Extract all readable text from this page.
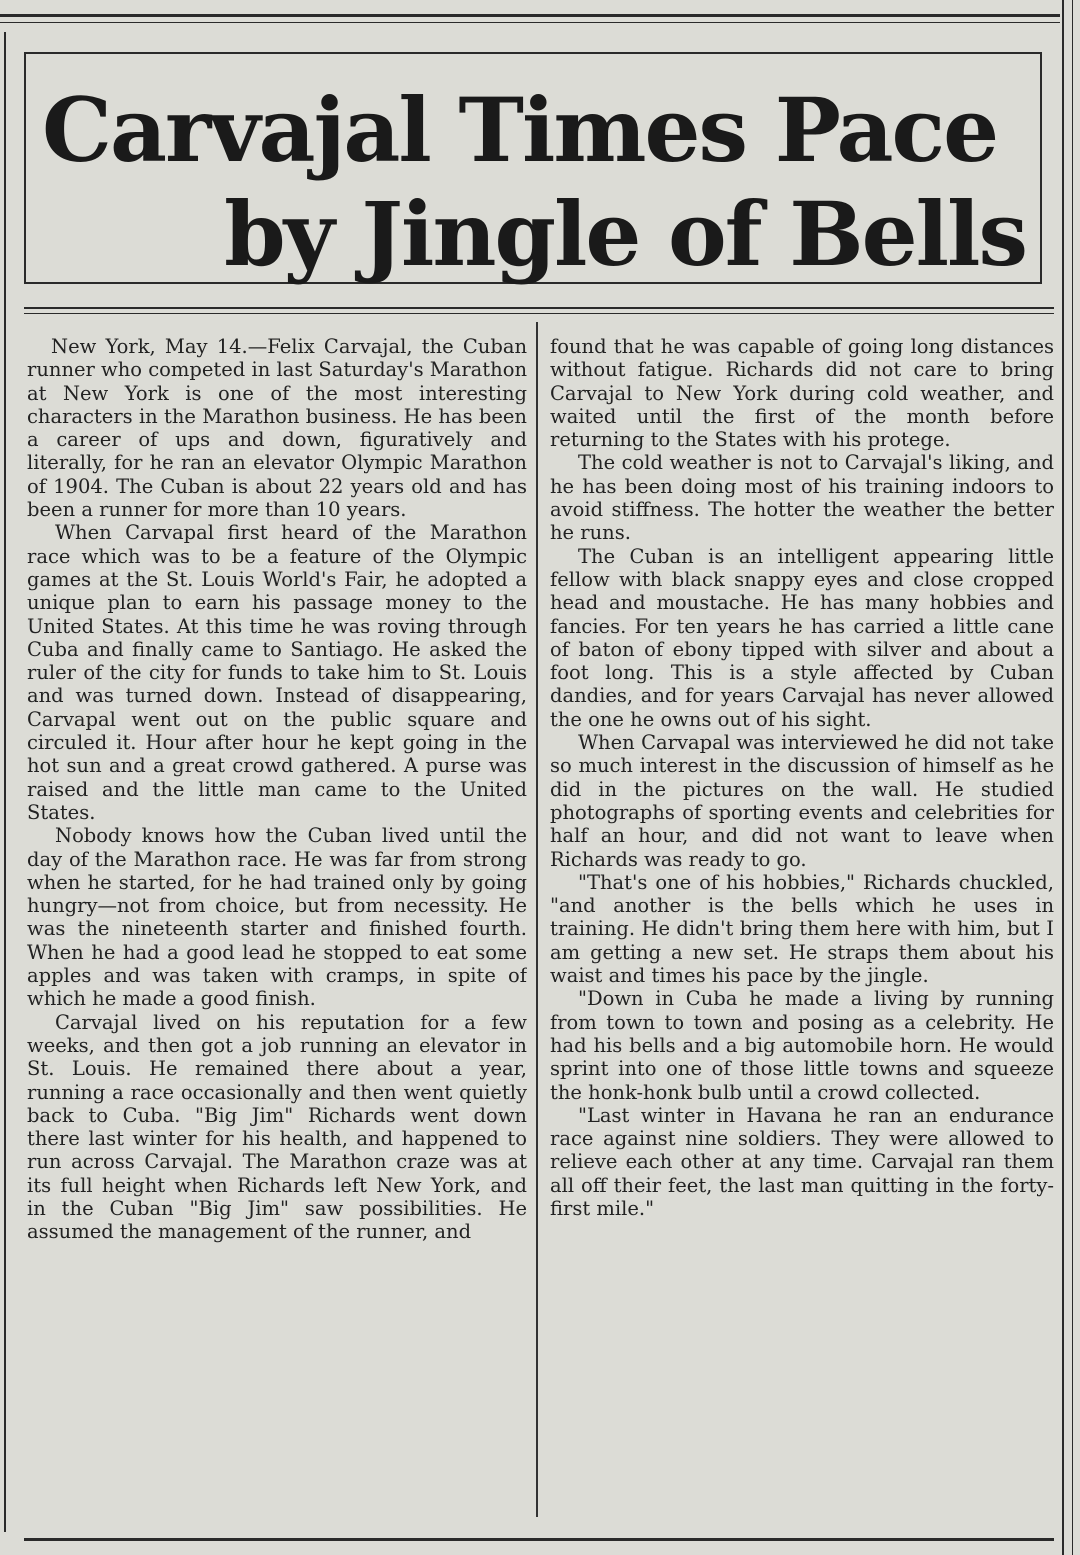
Carvajal Times Pace
by Jingle of Bells

New York, May 14.—Felix Carvajal, the Cuban runner who competed in last Saturday's Marathon at New York is one of the most interesting characters in the Marathon business. He has been a career of ups and down, figuratively and literally, for he ran an elevator Olympic Marathon of 1904. The Cuban is about 22 years old and has been a runner for more than 10 years.

When Carvapal first heard of the Marathon race which was to be a feature of the Olympic games at the St. Louis World's Fair, he adopted a unique plan to earn his passage money to the United States. At this time he was roving through Cuba and finally came to Santiago. He asked the ruler of the city for funds to take him to St. Louis and was turned down. Instead of disappearing, Carvapal went out on the public square and circuled it. Hour after hour he kept going in the hot sun and a great crowd gathered. A purse was raised and the little man came to the United States.

Nobody knows how the Cuban lived until the day of the Marathon race. He was far from strong when he started, for he had trained only by going hungry—not from choice, but from necessity. He was the nineteenth starter and finished fourth. When he had a good lead he stopped to eat some apples and was taken with cramps, in spite of which he made a good finish.

Carvajal lived on his reputation for a few weeks, and then got a job running an elevator in St. Louis. He remained there about a year, running a race occasionally and then went quietly back to Cuba. "Big Jim" Richards went down there last winter for his health, and happened to run across Carvajal. The Marathon craze was at its full height when Richards left New York, and in the Cuban "Big Jim" saw possibilities. He assumed the management of the runner, and

found that he was capable of going long distances without fatigue. Richards did not care to bring Carvajal to New York during cold weather, and waited until the first of the month before returning to the States with his protege.

The cold weather is not to Carvajal's liking, and he has been doing most of his training indoors to avoid stiffness. The hotter the weather the better he runs.

The Cuban is an intelligent appearing little fellow with black snappy eyes and close cropped head and moustache. He has many hobbies and fancies. For ten years he has carried a little cane of baton of ebony tipped with silver and about a foot long. This is a style affected by Cuban dandies, and for years Carvajal has never allowed the one he owns out of his sight.

When Carvapal was interviewed he did not take so much interest in the discussion of himself as he did in the pictures on the wall. He studied photographs of sporting events and celebrities for half an hour, and did not want to leave when Richards was ready to go.

"That's one of his hobbies," Richards chuckled, "and another is the bells which he uses in training. He didn't bring them here with him, but I am getting a new set. He straps them about his waist and times his pace by the jingle.

"Down in Cuba he made a living by running from town to town and posing as a celebrity. He had his bells and a big automobile horn. He would sprint into one of those little towns and squeeze the honk-honk bulb until a crowd collected.

"Last winter in Havana he ran an endurance race against nine soldiers. They were allowed to relieve each other at any time. Carvajal ran them all off their feet, the last man quitting in the forty-first mile."
